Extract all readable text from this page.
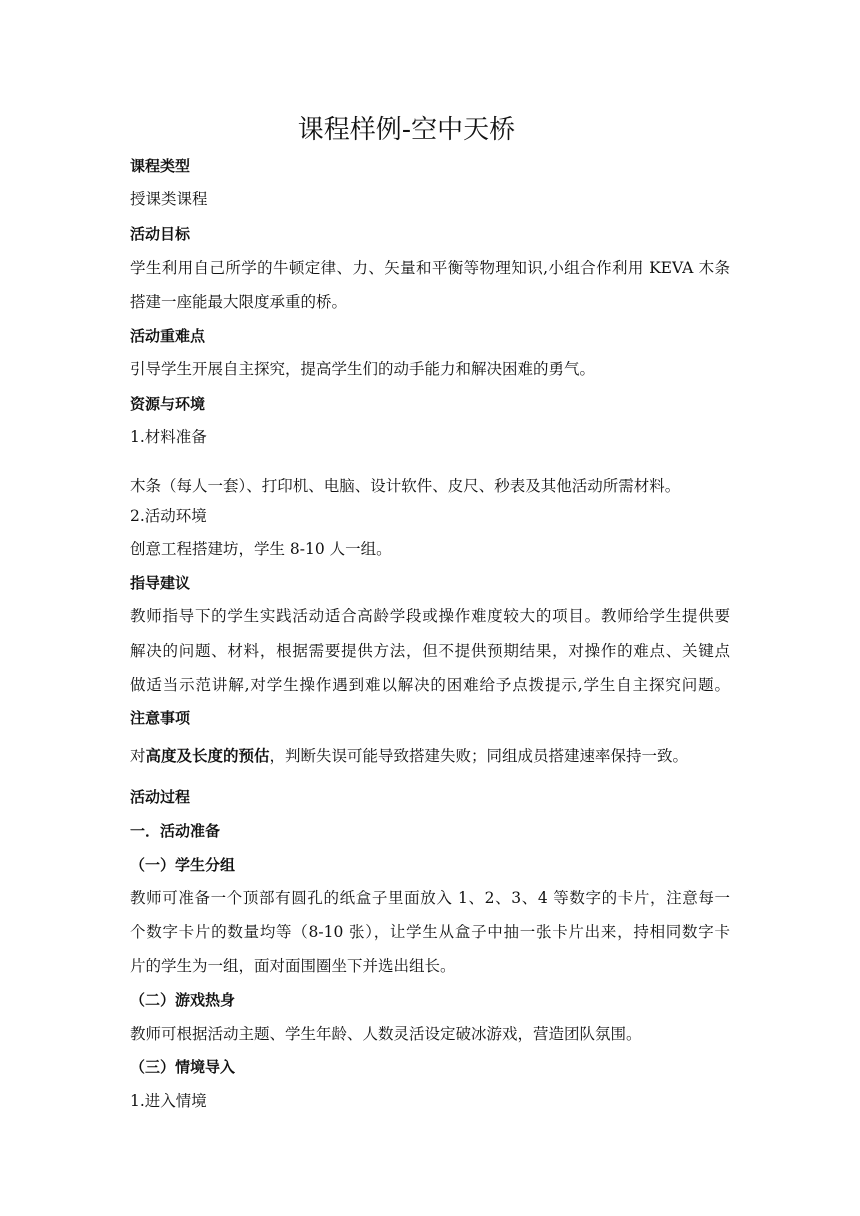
课程样例-空中天桥
课程类型
授课类课程
活动目标
学生利用自己所学的牛顿定律、力、矢量和平衡等物理知识,小组合作利用 KEVA 木条
搭建一座能最大限度承重的桥。
活动重难点
引导学生开展自主探究，提高学生们的动手能力和解决困难的勇气。
资源与环境
1.材料准备
木条（每人一套）、打印机、电脑、设计软件、皮尺、秒表及其他活动所需材料。
2.活动环境
创意工程搭建坊，学生 8-10 人一组。
指导建议
教师指导下的学生实践活动适合高龄学段或操作难度较大的项目。教师给学生提供要
解决的问题、材料，根据需要提供方法，但不提供预期结果，对操作的难点、关键点
做适当示范讲解,对学生操作遇到难以解决的困难给予点拨提示,学生自主探究问题。
注意事项
对高度及长度的预估，判断失误可能导致搭建失败；同组成员搭建速率保持一致。
活动过程
一．活动准备
（一）学生分组
教师可准备一个顶部有圆孔的纸盒子里面放入 1、2、3、4 等数字的卡片，注意每一
个数字卡片的数量均等（8-10 张），让学生从盒子中抽一张卡片出来，持相同数字卡
片的学生为一组，面对面围圈坐下并选出组长。
（二）游戏热身
教师可根据活动主题、学生年龄、人数灵活设定破冰游戏，营造团队氛围。
（三）情境导入
1.进入情境
